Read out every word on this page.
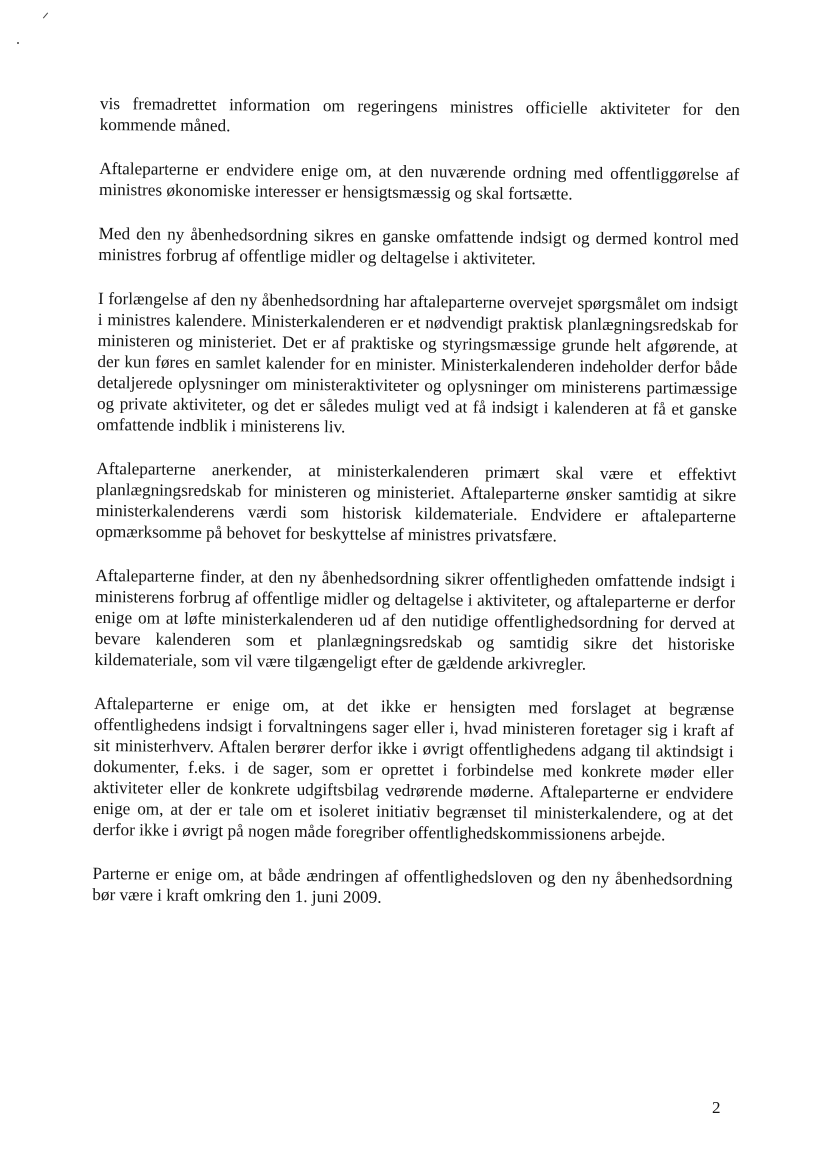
vis fremadrettet information om regeringens ministres officielle aktiviteter for den kommende måned.

Aftaleparterne er endvidere enige om, at den nuværende ordning med offentliggørelse af ministres økonomiske interesser er hensigtsmæssig og skal fortsætte.

Med den ny åbenhedsordning sikres en ganske omfattende indsigt og dermed kontrol med ministres forbrug af offentlige midler og deltagelse i aktiviteter.

I forlængelse af den ny åbenhedsordning har aftaleparterne overvejet spørgsmålet om indsigt i ministres kalendere. Ministerkalenderen er et nødvendigt praktisk planlægningsredskab for ministeren og ministeriet. Det er af praktiske og styringsmæssige grunde helt afgørende, at der kun føres en samlet kalender for en minister. Ministerkalenderen indeholder derfor både detaljerede oplysninger om ministeraktiviteter og oplysninger om ministerens partimæssige og private aktiviteter, og det er således muligt ved at få indsigt i kalenderen at få et ganske omfattende indblik i ministerens liv.

Aftaleparterne anerkender, at ministerkalenderen primært skal være et effektivt planlægningsredskab for ministeren og ministeriet. Aftaleparterne ønsker samtidig at sikre ministerkalenderens værdi som historisk kildemateriale. Endvidere er aftaleparterne opmærksomme på behovet for beskyttelse af ministres privatsfære.

Aftaleparterne finder, at den ny åbenhedsordning sikrer offentligheden omfattende indsigt i ministerens forbrug af offentlige midler og deltagelse i aktiviteter, og aftaleparterne er derfor enige om at løfte ministerkalenderen ud af den nutidige offentlighedsordning for derved at bevare kalenderen som et planlægningsredskab og samtidig sikre det historiske kildemateriale, som vil være tilgængeligt efter de gældende arkivregler.

Aftaleparterne er enige om, at det ikke er hensigten med forslaget at begrænse offentlighedens indsigt i forvaltningens sager eller i, hvad ministeren foretager sig i kraft af sit ministerhverv. Aftalen berører derfor ikke i øvrigt offentlighedens adgang til aktindsigt i dokumenter, f.eks. i de sager, som er oprettet i forbindelse med konkrete møder eller aktiviteter eller de konkrete udgiftsbilag vedrørende møderne. Aftaleparterne er endvidere enige om, at der er tale om et isoleret initiativ begrænset til ministerkalendere, og at det derfor ikke i øvrigt på nogen måde foregriber offentlighedskommissionens arbejde.

Parterne er enige om, at både ændringen af offentlighedsloven og den ny åbenhedsordning bør være i kraft omkring den 1. juni 2009.

2
